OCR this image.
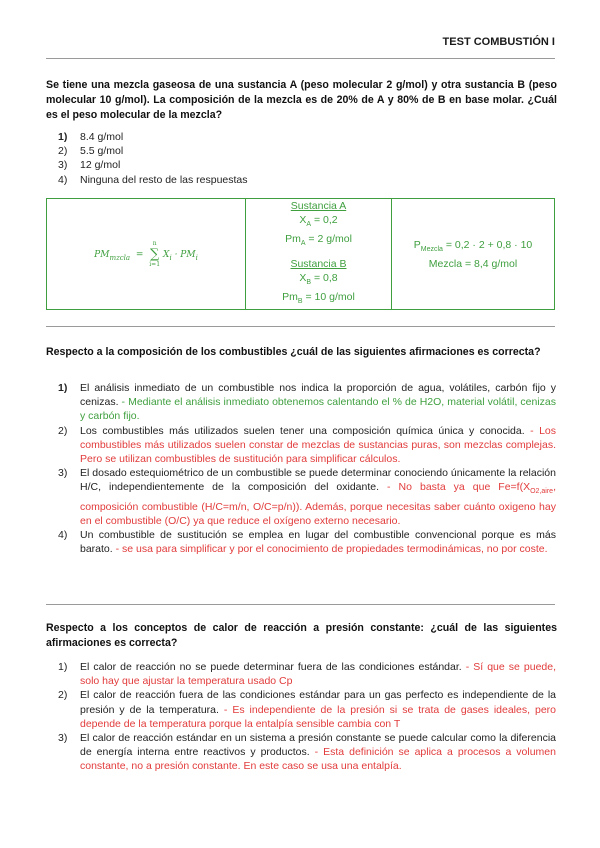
TEST COMBUSTIÓN I
Se tiene una mezcla gaseosa de una sustancia A (peso molecular 2 g/mol) y otra sustancia B (peso molecular 10 g/mol). La composición de la mezcla es de 20% de A y 80% de B en base molar. ¿Cuál es el peso molecular de la mezcla?
1)	8.4 g/mol
2)	5.5 g/mol
3)	12 g/mol
4)	Ninguna del resto de las respuestas
$PM_{mzcla}$ =
n
∑
i=1
$X_i \cdot PM_i$	
Sustancia A
$X_A = 0,2$
$Pm_A = 2$ g/mol
Sustancia B
$X_B = 0,8$
$Pm_B = 10$ g/mol

$P_{Mezcla} = 0,2 \cdot 2 + 0,8 \cdot 10$
Mezcla = 8,4 g/mol
Respecto a la composición de los combustibles ¿cuál de las siguientes afirmaciones es correcta?
1)	El análisis inmediato de un combustible nos indica la proporción de agua, volátiles, carbón fijo y cenizas. - Mediante el análisis inmediato obtenemos calentando el % de H2O, material volátil, cenizas y carbón fijo.
2)	Los combustibles más utilizados suelen tener una composición química única y conocida. - Los combustibles más utilizados suelen constar de mezclas de sustancias puras, son mezclas complejas. Pero se utilizan combustibles de sustitución para simplificar cálculos.
3)	El dosado estequiométrico de un combustible se puede determinar conociendo únicamente la relación H/C, independientemente de la composición del oxidante. - No basta ya que $Fe=f(X_{O2,aire}$, composición combustible (H/C=m/n, O/C=p/n)). Además, porque necesitas saber cuánto oxigeno hay en el combustible (O/C) ya que reduce el oxígeno externo necesario.
4)	Un combustible de sustitución se emplea en lugar del combustible convencional porque es más barato. - se usa para simplificar y por el conocimiento de propiedades termodinámicas, no por coste.
Respecto a los conceptos de calor de reacción a presión constante: ¿cuál de las siguientes afirmaciones es correcta?
1)	El calor de reacción no se puede determinar fuera de las condiciones estándar. - Sí que se puede, solo hay que ajustar la temperatura usado Cp
2)	El calor de reacción fuera de las condiciones estándar para un gas perfecto es independiente de la presión y de la temperatura. - Es independiente de la presión si se trata de gases ideales, pero depende de la temperatura porque la entalpía sensible cambia con T
3)	El calor de reacción estándar en un sistema a presión constante se puede calcular como la diferencia de energía interna entre reactivos y productos. - Esta definición se aplica a procesos a volumen constante, no a presión constante. En este caso se usa una entalpía.
